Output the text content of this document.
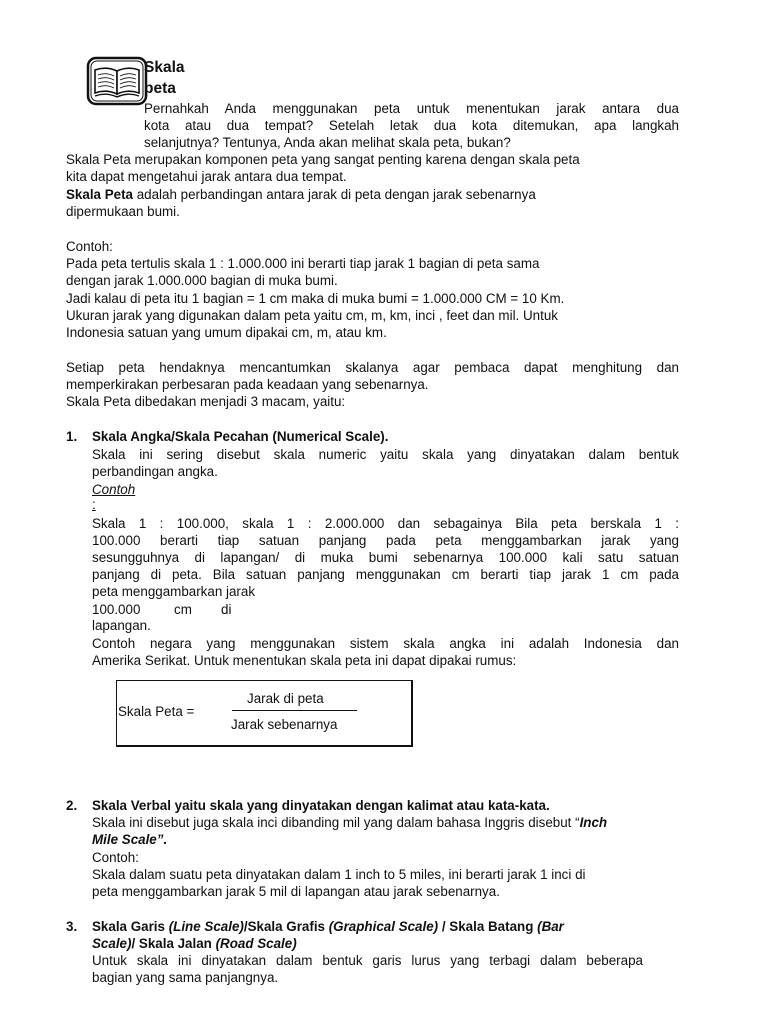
Skala
peta
Pernahkah Anda menggunakan peta untuk menentukan jarak antara dua
kota atau dua tempat? Setelah letak dua kota ditemukan, apa langkah
selanjutnya? Tentunya, Anda akan melihat skala peta, bukan?
Skala Peta merupakan komponen peta yang sangat penting karena dengan skala peta
kita dapat mengetahui jarak antara dua tempat.
Skala Peta adalah perbandingan antara jarak di peta dengan jarak sebenarnya
dipermukaan bumi.
Contoh:
Pada peta tertulis skala 1 : 1.000.000 ini berarti tiap jarak 1 bagian di peta sama
dengan jarak 1.000.000 bagian di muka bumi.
Jadi kalau di peta itu 1 bagian = 1 cm maka di muka bumi = 1.000.000 CM = 10 Km.
Ukuran jarak yang digunakan dalam peta yaitu cm, m, km, inci , feet dan mil. Untuk
Indonesia satuan yang umum dipakai cm, m, atau km.
Setiap peta hendaknya mencantumkan skalanya agar pembaca dapat menghitung dan
memperkirakan perbesaran pada keadaan yang sebenarnya.
Skala Peta dibedakan menjadi 3 macam, yaitu:
1. Skala Angka/Skala Pecahan (Numerical Scale).
Skala ini sering disebut skala numeric yaitu skala yang dinyatakan dalam bentuk
perbandingan angka.
Contoh
:
Skala 1 : 100.000, skala 1 : 2.000.000 dan sebagainya Bila peta berskala 1 :
100.000 berarti tiap satuan panjang pada peta menggambarkan jarak yang
sesungguhnya di lapangan/ di muka bumi sebenarnya 100.000 kali satu satuan
panjang di peta. Bila satuan panjang menggunakan cm berarti tiap jarak 1 cm pada
peta menggambarkan jarak
100.000	cm di
lapangan.
Contoh negara yang menggunakan sistem skala angka ini adalah Indonesia dan
Amerika Serikat. Untuk menentukan skala peta ini dapat dipakai rumus:
Skala Peta =
Jarak di peta
Jarak sebenarnya
2. Skala Verbal yaitu skala yang dinyatakan dengan kalimat atau kata-kata.
Skala ini disebut juga skala inci dibanding mil yang dalam bahasa Inggris disebut “Inch
Mile Scale”.
Contoh:
Skala dalam suatu peta dinyatakan dalam 1 inch to 5 miles, ini berarti jarak 1 inci di
peta menggambarkan jarak 5 mil di lapangan atau jarak sebenarnya.
3. Skala Garis (Line Scale)/Skala Grafis (Graphical Scale) / Skala Batang (Bar
Scale)/ Skala Jalan (Road Scale)
Untuk skala ini dinyatakan dalam bentuk garis lurus yang terbagi dalam beberapa
bagian yang sama panjangnya.
